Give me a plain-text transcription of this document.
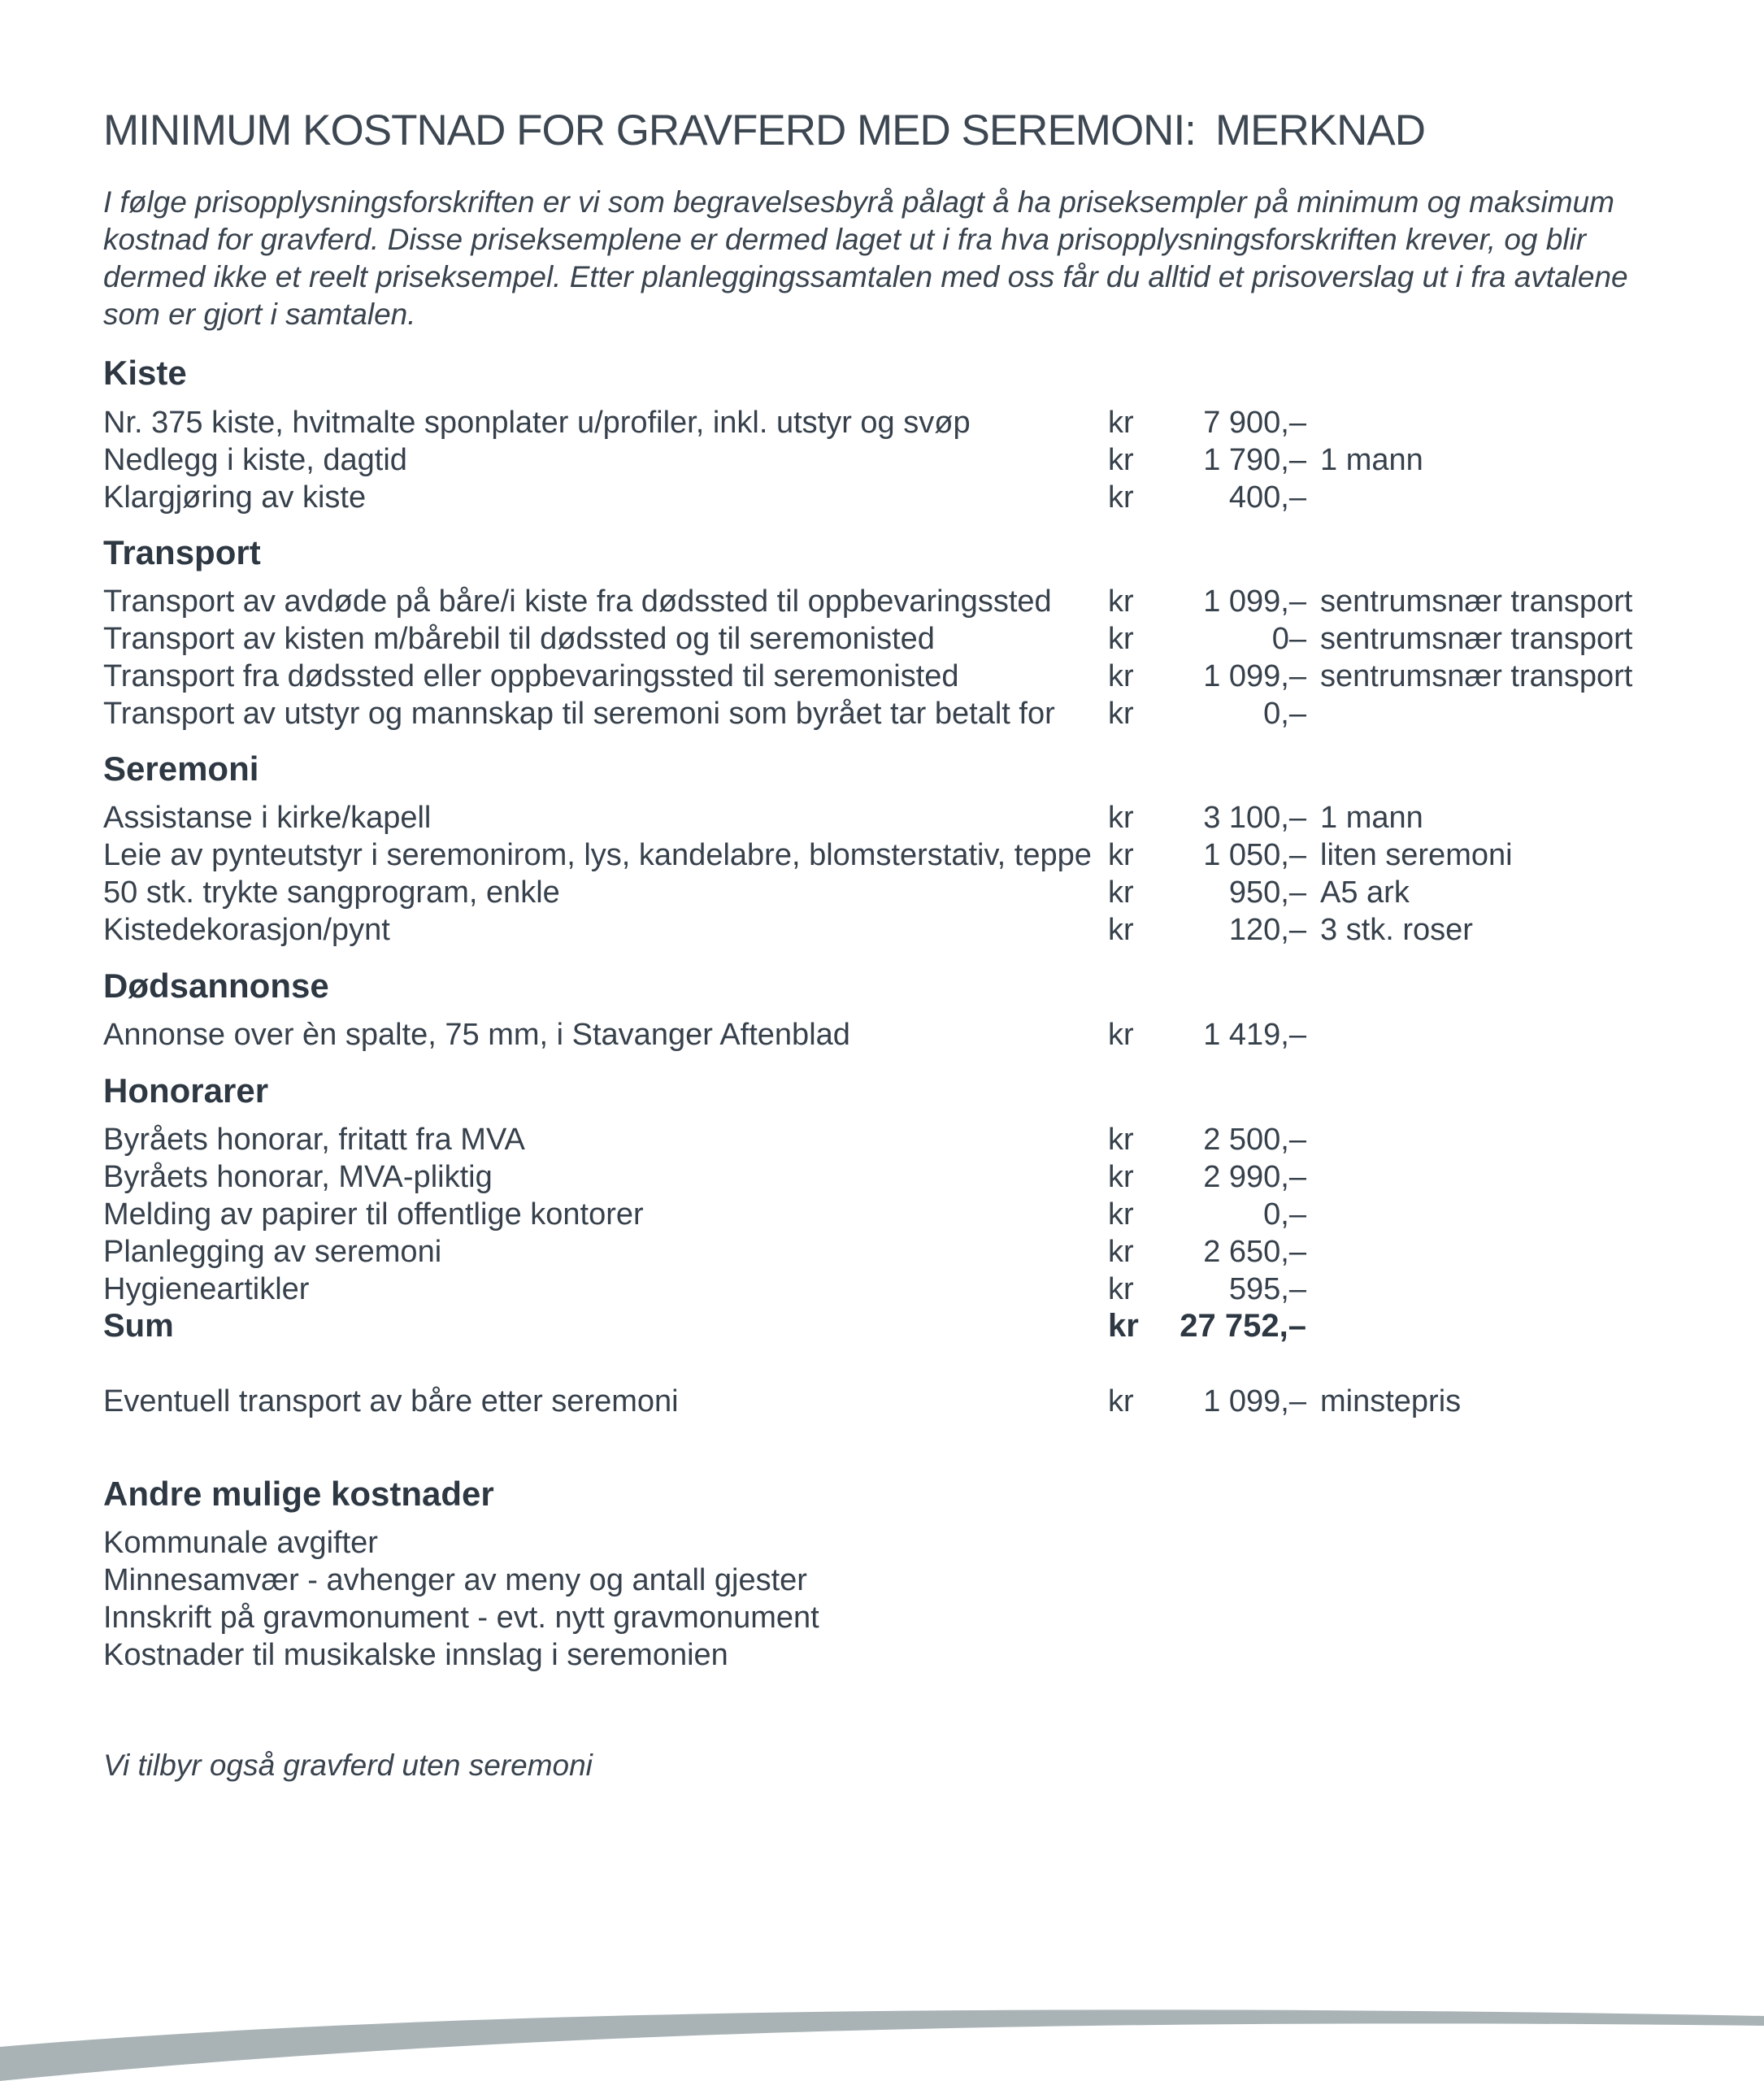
MINIMUM KOSTNAD FOR GRAVFERD MED SEREMONI: MERKNAD

I følge prisopplysningsforskriften er vi som begravelsesbyrå pålagt å ha priseksempler på minimum og maksimum

kostnad for gravferd. Disse priseksemplene er dermed laget ut i fra hva prisopplysningsforskriften krever, og blir

dermed ikke et reelt priseksempel. Etter planleggingssamtalen med oss får du alltid et prisoverslag ut i fra avtalene

som er gjort i samtalen.

Kiste
Nr. 375 kiste, hvitmalte sponplater u/profiler, inkl. utstyr og svøp	kr	7 900,–
Nedlegg i kiste, dagtid	kr	1 790,– 1 mann
Klargjøring av kiste	kr	400,–
Transport
Transport av avdøde på båre/i kiste fra dødssted til oppbevaringssted kr	1 099,– sentrumsnær transport
Transport av kisten m/bårebil til dødssted og til seremonisted	kr	0– sentrumsnær transport
Transport fra dødssted eller oppbevaringssted til seremonisted	kr	1 099,– sentrumsnær transport
Transport av utstyr og mannskap til seremoni som byrået tar betalt for kr	0,–
Seremoni
Assistanse i kirke/kapell	kr	3 100,– 1 mann
Leie av pynteutstyr i seremonirom, lys, kandelabre, blomsterstativ, teppe kr	1 050,– liten seremoni
50 stk. trykte sangprogram, enkle	kr	950,– A5 ark
Kistedekorasjon/pynt	kr	120,– 3 stk. roser
Dødsannonse
Annonse over èn spalte, 75 mm, i Stavanger Aftenblad	kr	1 419,–
Honorarer
Byråets honorar, fritatt fra MVA	kr	2 500,–
Byråets honorar, MVA-pliktig	kr	2 990,–
Melding av papirer til offentlige kontorer	kr	0,–
Planlegging av seremoni	kr	2 650,–
Hygieneartikler	kr	595,–
Sum	kr	27 752,–
Eventuell transport av båre etter seremoni	kr	1 099,– minstepris
Andre mulige kostnader
Kommunale avgifter
Minnesamvær - avhenger av meny og antall gjester
Innskrift på gravmonument - evt. nytt gravmonument
Kostnader til musikalske innslag i seremonien
Vi tilbyr også gravferd uten seremoni
